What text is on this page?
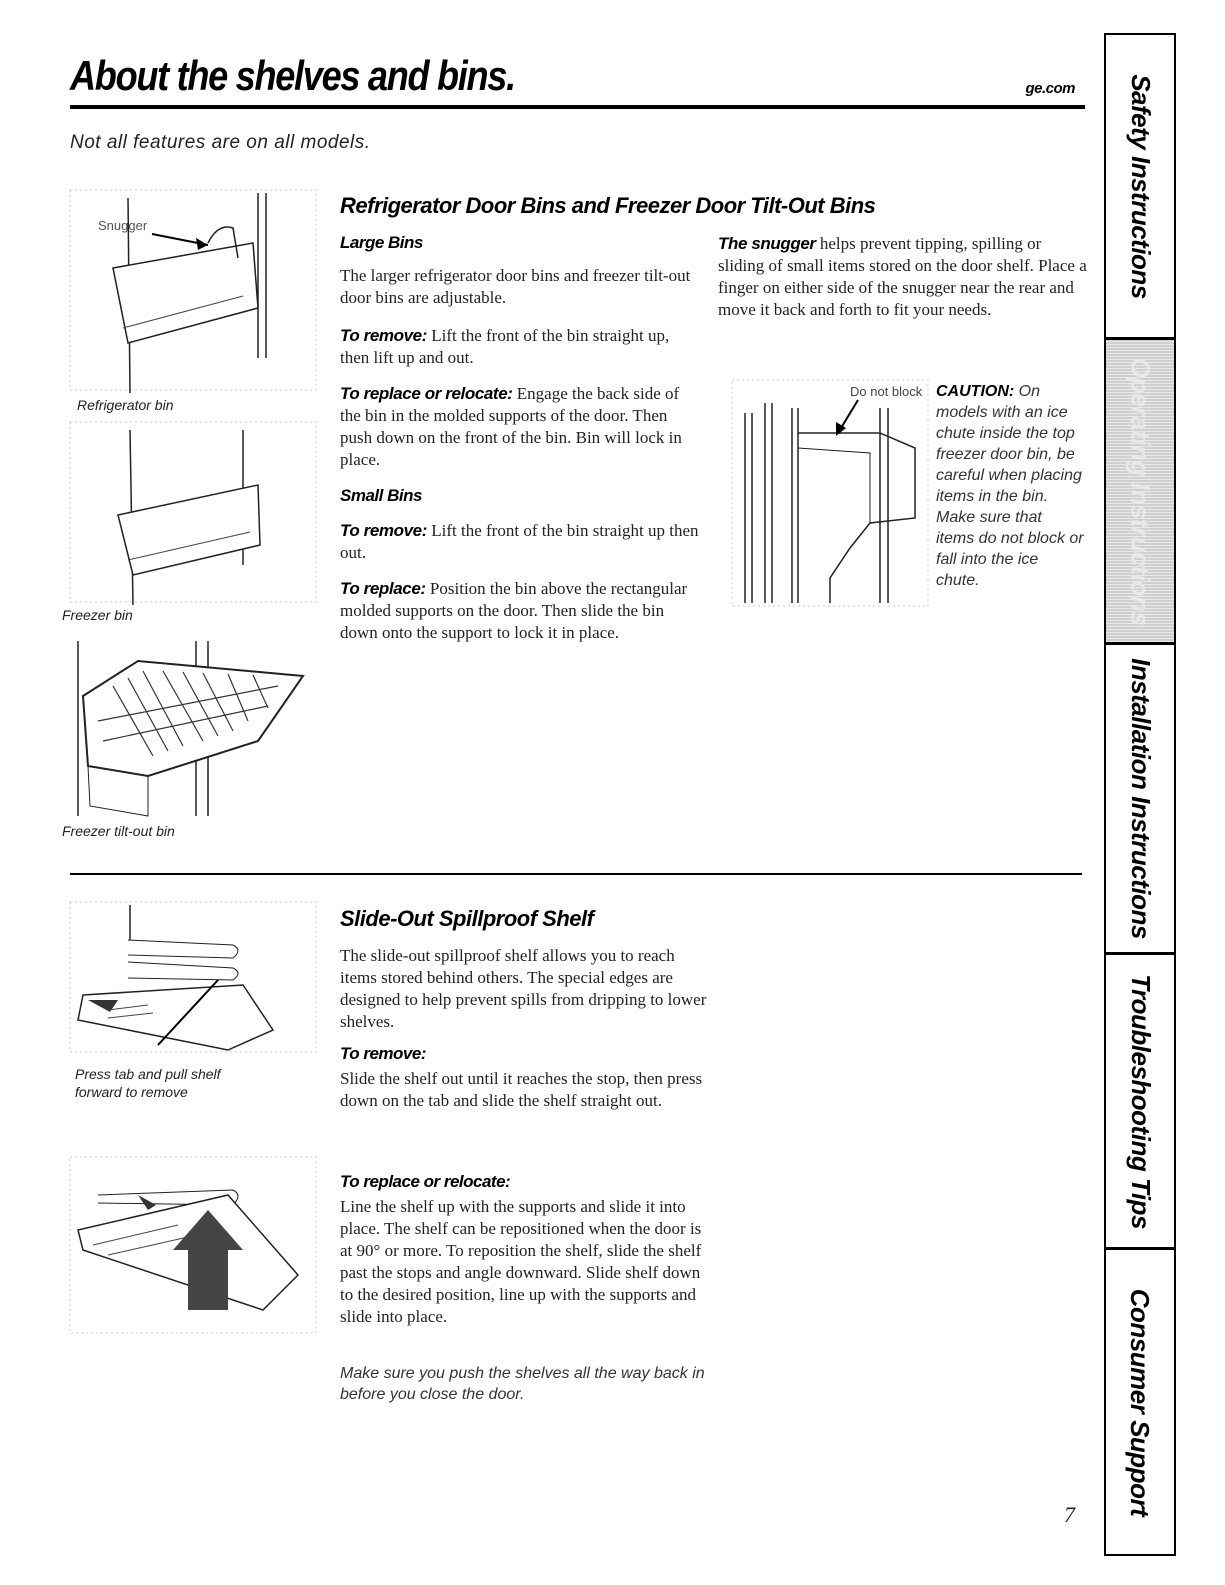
About the shelves and bins.	ge.com
Not all features are on all models.	Safety Instructions
Operating Instructions
Installation Instructions
Troubleshooting Tips
Consumer Support
Snugger
Refrigerator bin
Freezer bin
Freezer tilt-out bin
Refrigerator Door Bins and Freezer Door Tilt-Out Bins
Large Bins
The larger refrigerator door bins and freezer tilt-out door bins are adjustable.
To remove: Lift the front of the bin straight up, then lift up and out.
To replace or relocate: Engage the back side of the bin in the molded supports of the door. Then push down on the front of the bin. Bin will lock in place.
Small Bins
To remove: Lift the front of the bin straight up then out.
To replace: Position the bin above the rectangular molded supports on the door. Then slide the bin down onto the support to lock it in place.
The snugger helps prevent tipping, spilling or sliding of small items stored on the door shelf. Place a finger on either side of the snugger near the rear and move it back and forth to fit your needs.
Do not block CAUTION: On models with an ice chute inside the top freezer door bin, be careful when placing items in the bin. Make sure that items do not block or fall into the ice chute.
Press tab and pull shelf forward to remove
Slide-Out Spillproof Shelf
The slide-out spillproof shelf allows you to reach items stored behind others. The special edges are designed to help prevent spills from dripping to lower shelves.
To remove:
Slide the shelf out until it reaches the stop, then press down on the tab and slide the shelf straight out.
To replace or relocate:
Line the shelf up with the supports and slide it into place. The shelf can be repositioned when the door is at 90° or more. To reposition the shelf, slide the shelf past the stops and angle downward. Slide shelf down to the desired position, line up with the supports and slide into place.
Make sure you push the shelves all the way back in before you close the door.
7
